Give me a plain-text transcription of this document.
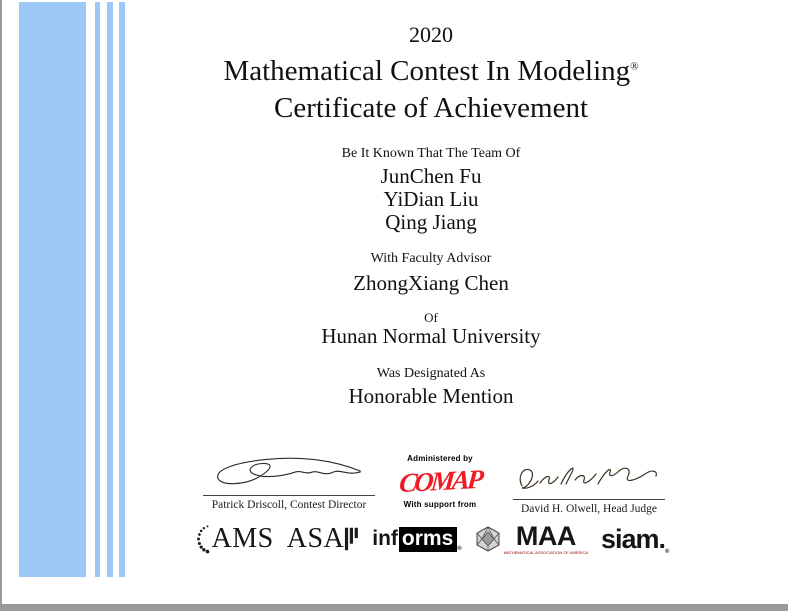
2020
Mathematical Contest In Modeling®
Certificate of Achievement
Be It Known That The Team Of
JunChen Fu
YiDian Liu
Qing Jiang
With Faculty Advisor
ZhongXiang Chen
Of
Hunan Normal University
Was Designated As
Honorable Mention
Patrick Driscoll, Contest Director
Administered by
COMAP
With support from	David H. Olwell, Head Judge
AMS ASA inf orms ® MAA
MATHEMATICAL ASSOCIATION OF AMERICA siam. ®
